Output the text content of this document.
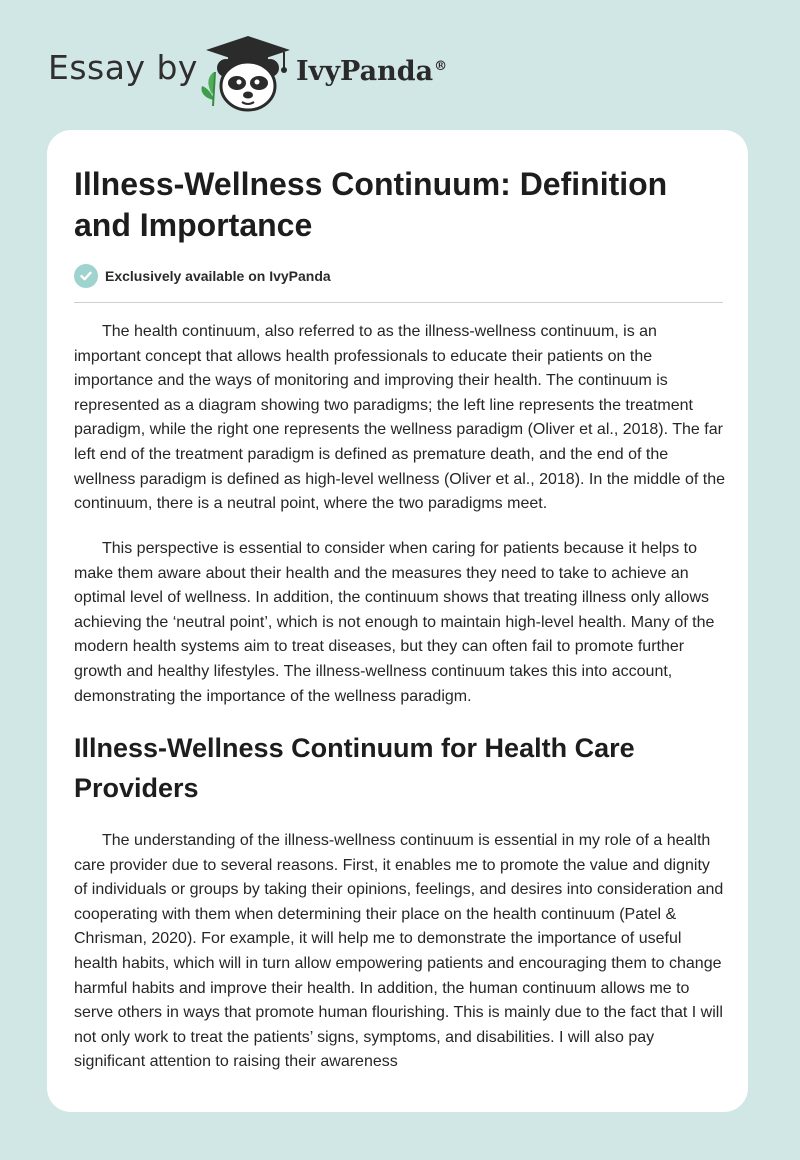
Essay by	IvyPanda®
Illness-Wellness Continuum: Definition and Importance
Exclusively available on IvyPanda

The health continuum, also referred to as the illness-wellness continuum, is an important concept that allows health professionals to educate their patients on the importance and the ways of monitoring and improving their health. The continuum is represented as a diagram showing two paradigms; the left line represents the treatment paradigm, while the right one represents the wellness paradigm (Oliver et al., 2018). The far left end of the treatment paradigm is defined as premature death, and the end of the wellness paradigm is defined as high-level wellness (Oliver et al., 2018). In the middle of the continuum, there is a neutral point, where the two paradigms meet.

This perspective is essential to consider when caring for patients because it helps to make them aware about their health and the measures they need to take to achieve an optimal level of wellness. In addition, the continuum shows that treating illness only allows achieving the ‘neutral point’, which is not enough to maintain high-level health. Many of the modern health systems aim to treat diseases, but they can often fail to promote further growth and healthy lifestyles. The illness-wellness continuum takes this into account, demonstrating the importance of the wellness paradigm.

Illness-Wellness Continuum for Health Care Providers

The understanding of the illness-wellness continuum is essential in my role of a health care provider due to several reasons. First, it enables me to promote the value and dignity of individuals or groups by taking their opinions, feelings, and desires into consideration and cooperating with them when determining their place on the health continuum (Patel & Chrisman, 2020). For example, it will help me to demonstrate the importance of useful health habits, which will in turn allow empowering patients and encouraging them to change harmful habits and improve their health. In addition, the human continuum allows me to serve others in ways that promote human flourishing. This is mainly due to the fact that I will not only work to treat the patients’ signs, symptoms, and disabilities. I will also pay significant attention to raising their awareness
